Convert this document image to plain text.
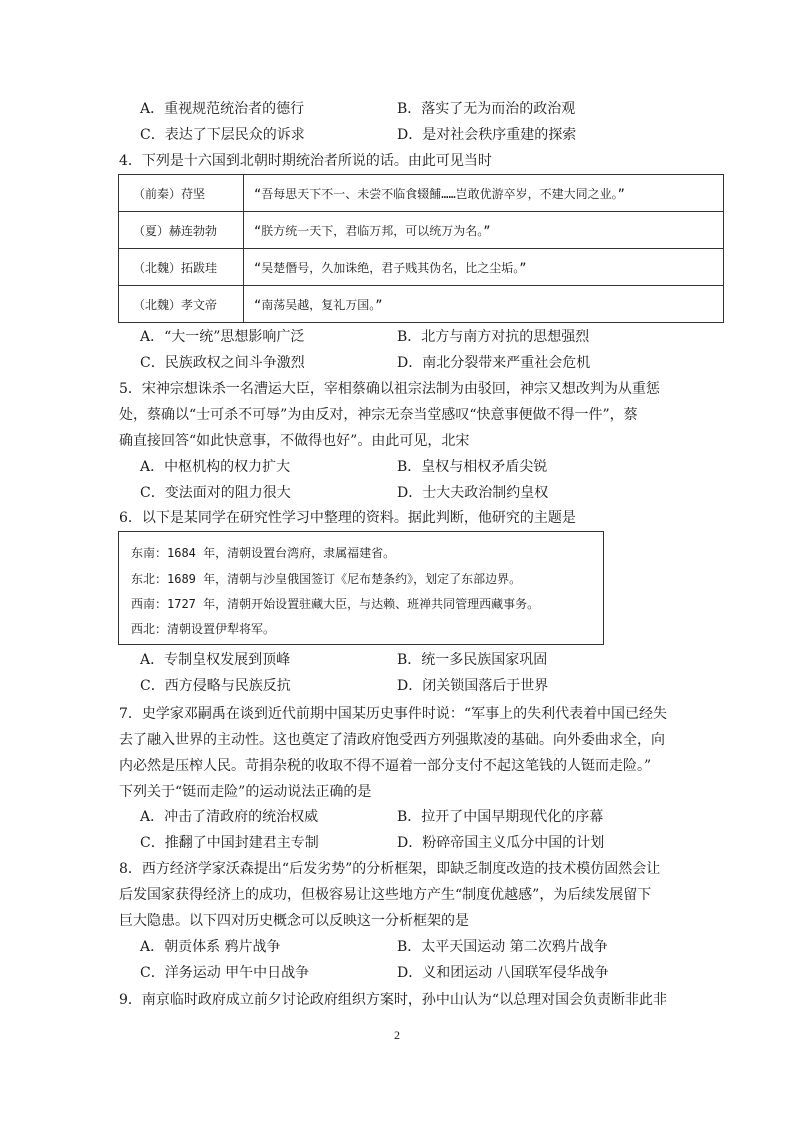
A．重视规范统治者的德行	B．落实了无为而治的政治观
C．表达了下层民众的诉求	D．是对社会秩序重建的探索
4．下列是十六国到北朝时期统治者所说的话。由此可见当时
（前秦）苻坚	“吾每思天下不一、未尝不临食辍餔……岂敢优游卒岁，不建大同之业。”
（夏）赫连勃勃	“朕方统一天下，君临万邦，可以统万为名。”
（北魏）拓跋珪	“吴楚僭号，久加诛绝，君子贱其伪名，比之尘垢。”
（北魏）孝文帝	“南荡吴越，复礼万国。”
A．“大一统”思想影响广泛	B．北方与南方对抗的思想强烈
C．民族政权之间斗争激烈	D．南北分裂带来严重社会危机
5．宋神宗想诛杀一名漕运大臣，宰相蔡确以祖宗法制为由驳回，神宗又想改判为从重惩
处，蔡确以“士可杀不可辱”为由反对，神宗无奈当堂感叹“快意事便做不得一件”，蔡
确直接回答“如此快意事，不做得也好”。由此可见，北宋
A．中枢机构的权力扩大	B．皇权与相权矛盾尖锐
C．变法面对的阻力很大	D．士大夫政治制约皇权
6．以下是某同学在研究性学习中整理的资料。据此判断，他研究的主题是
东南：1684 年，清朝设置台湾府，隶属福建省。
东北：1689 年，清朝与沙皇俄国签订《尼布楚条约》，划定了东部边界。
西南：1727 年，清朝开始设置驻藏大臣，与达赖、班禅共同管理西藏事务。
西北：清朝设置伊犁将军。
A．专制皇权发展到顶峰	B．统一多民族国家巩固
C．西方侵略与民族反抗	D．闭关锁国落后于世界
7．史学家邓嗣禹在谈到近代前期中国某历史事件时说：“军事上的失利代表着中国已经失
去了融入世界的主动性。这也奠定了清政府饱受西方列强欺凌的基础。向外委曲求全，向
内必然是压榨人民。苛捐杂税的收取不得不逼着一部分支付不起这笔钱的人铤而走险。”
下列关于“铤而走险”的运动说法正确的是
A．冲击了清政府的统治权威	B．拉开了中国早期现代化的序幕
C．推翻了中国封建君主专制	D．粉碎帝国主义瓜分中国的计划
8．西方经济学家沃森提出“后发劣势”的分析框架，即缺乏制度改造的技术模仿固然会让
后发国家获得经济上的成功，但极容易让这些地方产生“制度优越感”，为后续发展留下
巨大隐患。以下四对历史概念可以反映这一分析框架的是
A．朝贡体系 鸦片战争	B．太平天国运动 第二次鸦片战争
C．洋务运动 甲午中日战争	D．义和团运动 八国联军侵华战争
9．南京临时政府成立前夕讨论政府组织方案时，孙中山认为“以总理对国会负责断非此非
2
